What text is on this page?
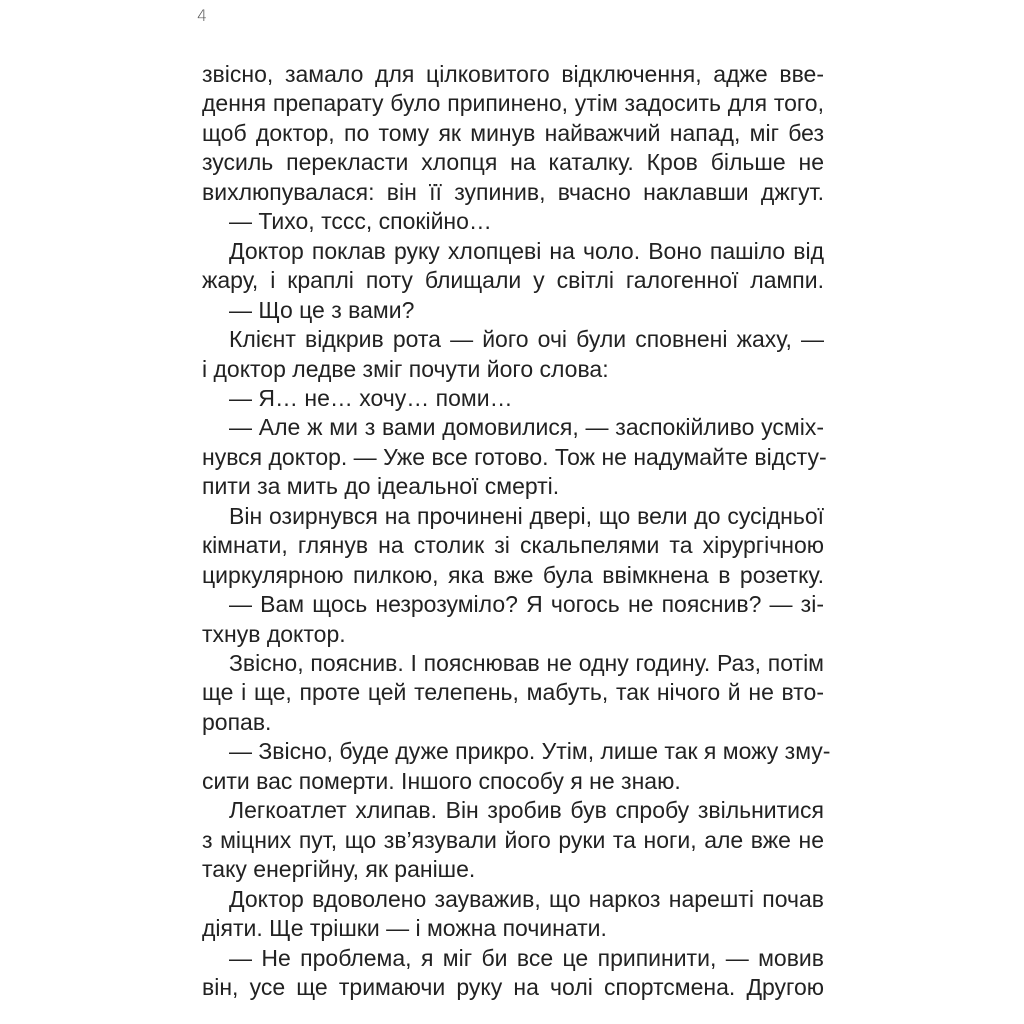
4
звісно, замало для цілковитого відключення, адже вве-
дення препарату було припинено, утім задосить для того,
щоб доктор, по тому як минув найважчий напад, міг без
зусиль перекласти хлопця на каталку. Кров більше не
вихлюпувалася: він її зупинив, вчасно наклавши джгут.
— Тихо, тссс, спокійно…
Доктор поклав руку хлопцеві на чоло. Воно пашіло від
жару, і краплі поту блищали у світлі галогенної лампи.
— Що це з вами?
Клієнт відкрив рота — його очі були сповнені жаху, —
і доктор ледве зміг почути його слова:
— Я… не… хочу… поми…
— Але ж ми з вами домовилися, — заспокійливо усміх-
нувся доктор. — Уже все готово. Тож не надумайте відсту-
пити за мить до ідеальної смерті.
Він озирнувся на прочинені двері, що вели до сусідньої
кімнати, глянув на столик зі скальпелями та хірургічною
циркулярною пилкою, яка вже була ввімкнена в розетку.
— Вам щось незрозуміло? Я чогось не пояснив? — зі-
тхнув доктор.
Звісно, пояснив. І пояснював не одну годину. Раз, потім
ще і ще, проте цей телепень, мабуть, так нічого й не вто-
ропав.
— Звісно, буде дуже прикро. Утім, лише так я можу зму-
сити вас померти. Іншого способу я не знаю.
Легкоатлет хлипав. Він зробив був спробу звільнитися
з міцних пут, що зв’язували його руки та ноги, але вже не
таку енергійну, як раніше.
Доктор вдоволено зауважив, що наркоз нарешті почав
діяти. Ще трішки — і можна починати.
— Не проблема, я міг би все це припинити, — мовив
він, усе ще тримаючи руку на чолі спортсмена. Другою
